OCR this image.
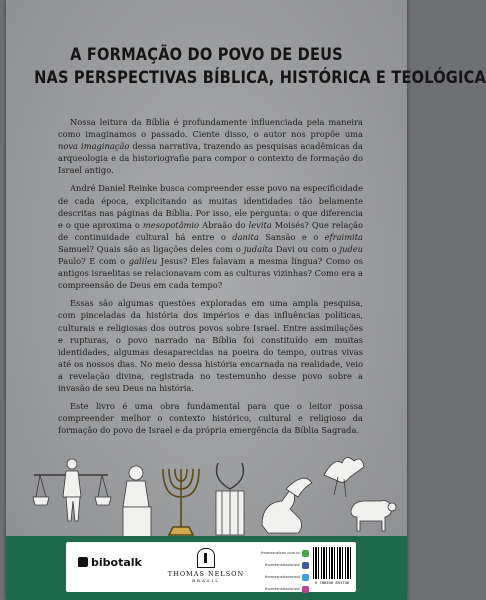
A FORMAÇÃO DO POVO DE DEUS
NAS PERSPECTIVAS BÍBLICA, HISTÓRICA E TEOLÓGICA

Nossa leitura da Bíblia é profundamente influenciada pela maneira como imaginamos o passado. Ciente disso, o autor nos propõe uma nova imaginação dessa narrativa, trazendo as pesquisas acadêmicas da arqueologia e da historiografia para compor o contexto de formação do Israel antigo.

André Daniel Reinke busca compreender esse povo na especificidade de cada época, explicitando as muitas identidades tão belamente descritas nas páginas da Bíblia. Por isso, ele pergunta: o que diferencia e o que aproxima o mesopotâmio Abraão do levita Moisés? Que relação de continuidade cultural há entre o danita Sansão e o efraimita Samuel? Quais são as ligações deles com o judaíta Davi ou com o judeu Paulo? E com o galileu Jesus? Eles falavam a mesma língua? Como os antigos israelitas se relacionavam com as culturas vizinhas? Como era a compreensão de Deus em cada tempo?

Essas são algumas questões exploradas em uma ampla pesquisa, com pinceladas da história dos impérios e das influências políticas, culturais e religiosas dos outros povos sobre Israel. Entre assimilações e rupturas, o povo narrado na Bíblia foi constituído em muitas identidades, algumas desaparecidas na poeira do tempo, outras vivas até os nossos dias. No meio dessa história encarnada na realidade, veio a revelação divina, registrada no testemunho desse povo sobre a invasão de seu Deus na história.

Este livro é uma obra fundamental para que o leitor possa compreender melhor o contexto histórico, cultural e religioso da formação do povo de Israel e da própria emergência da Bíblia Sagrada.

bibotalk
THOMAS NELSON
BRASIL
thomasnelson.com.br
thomasnelsonbrasil
thomasnelsonbrasil
thomasnelsonbrasil
9 786556 891736
